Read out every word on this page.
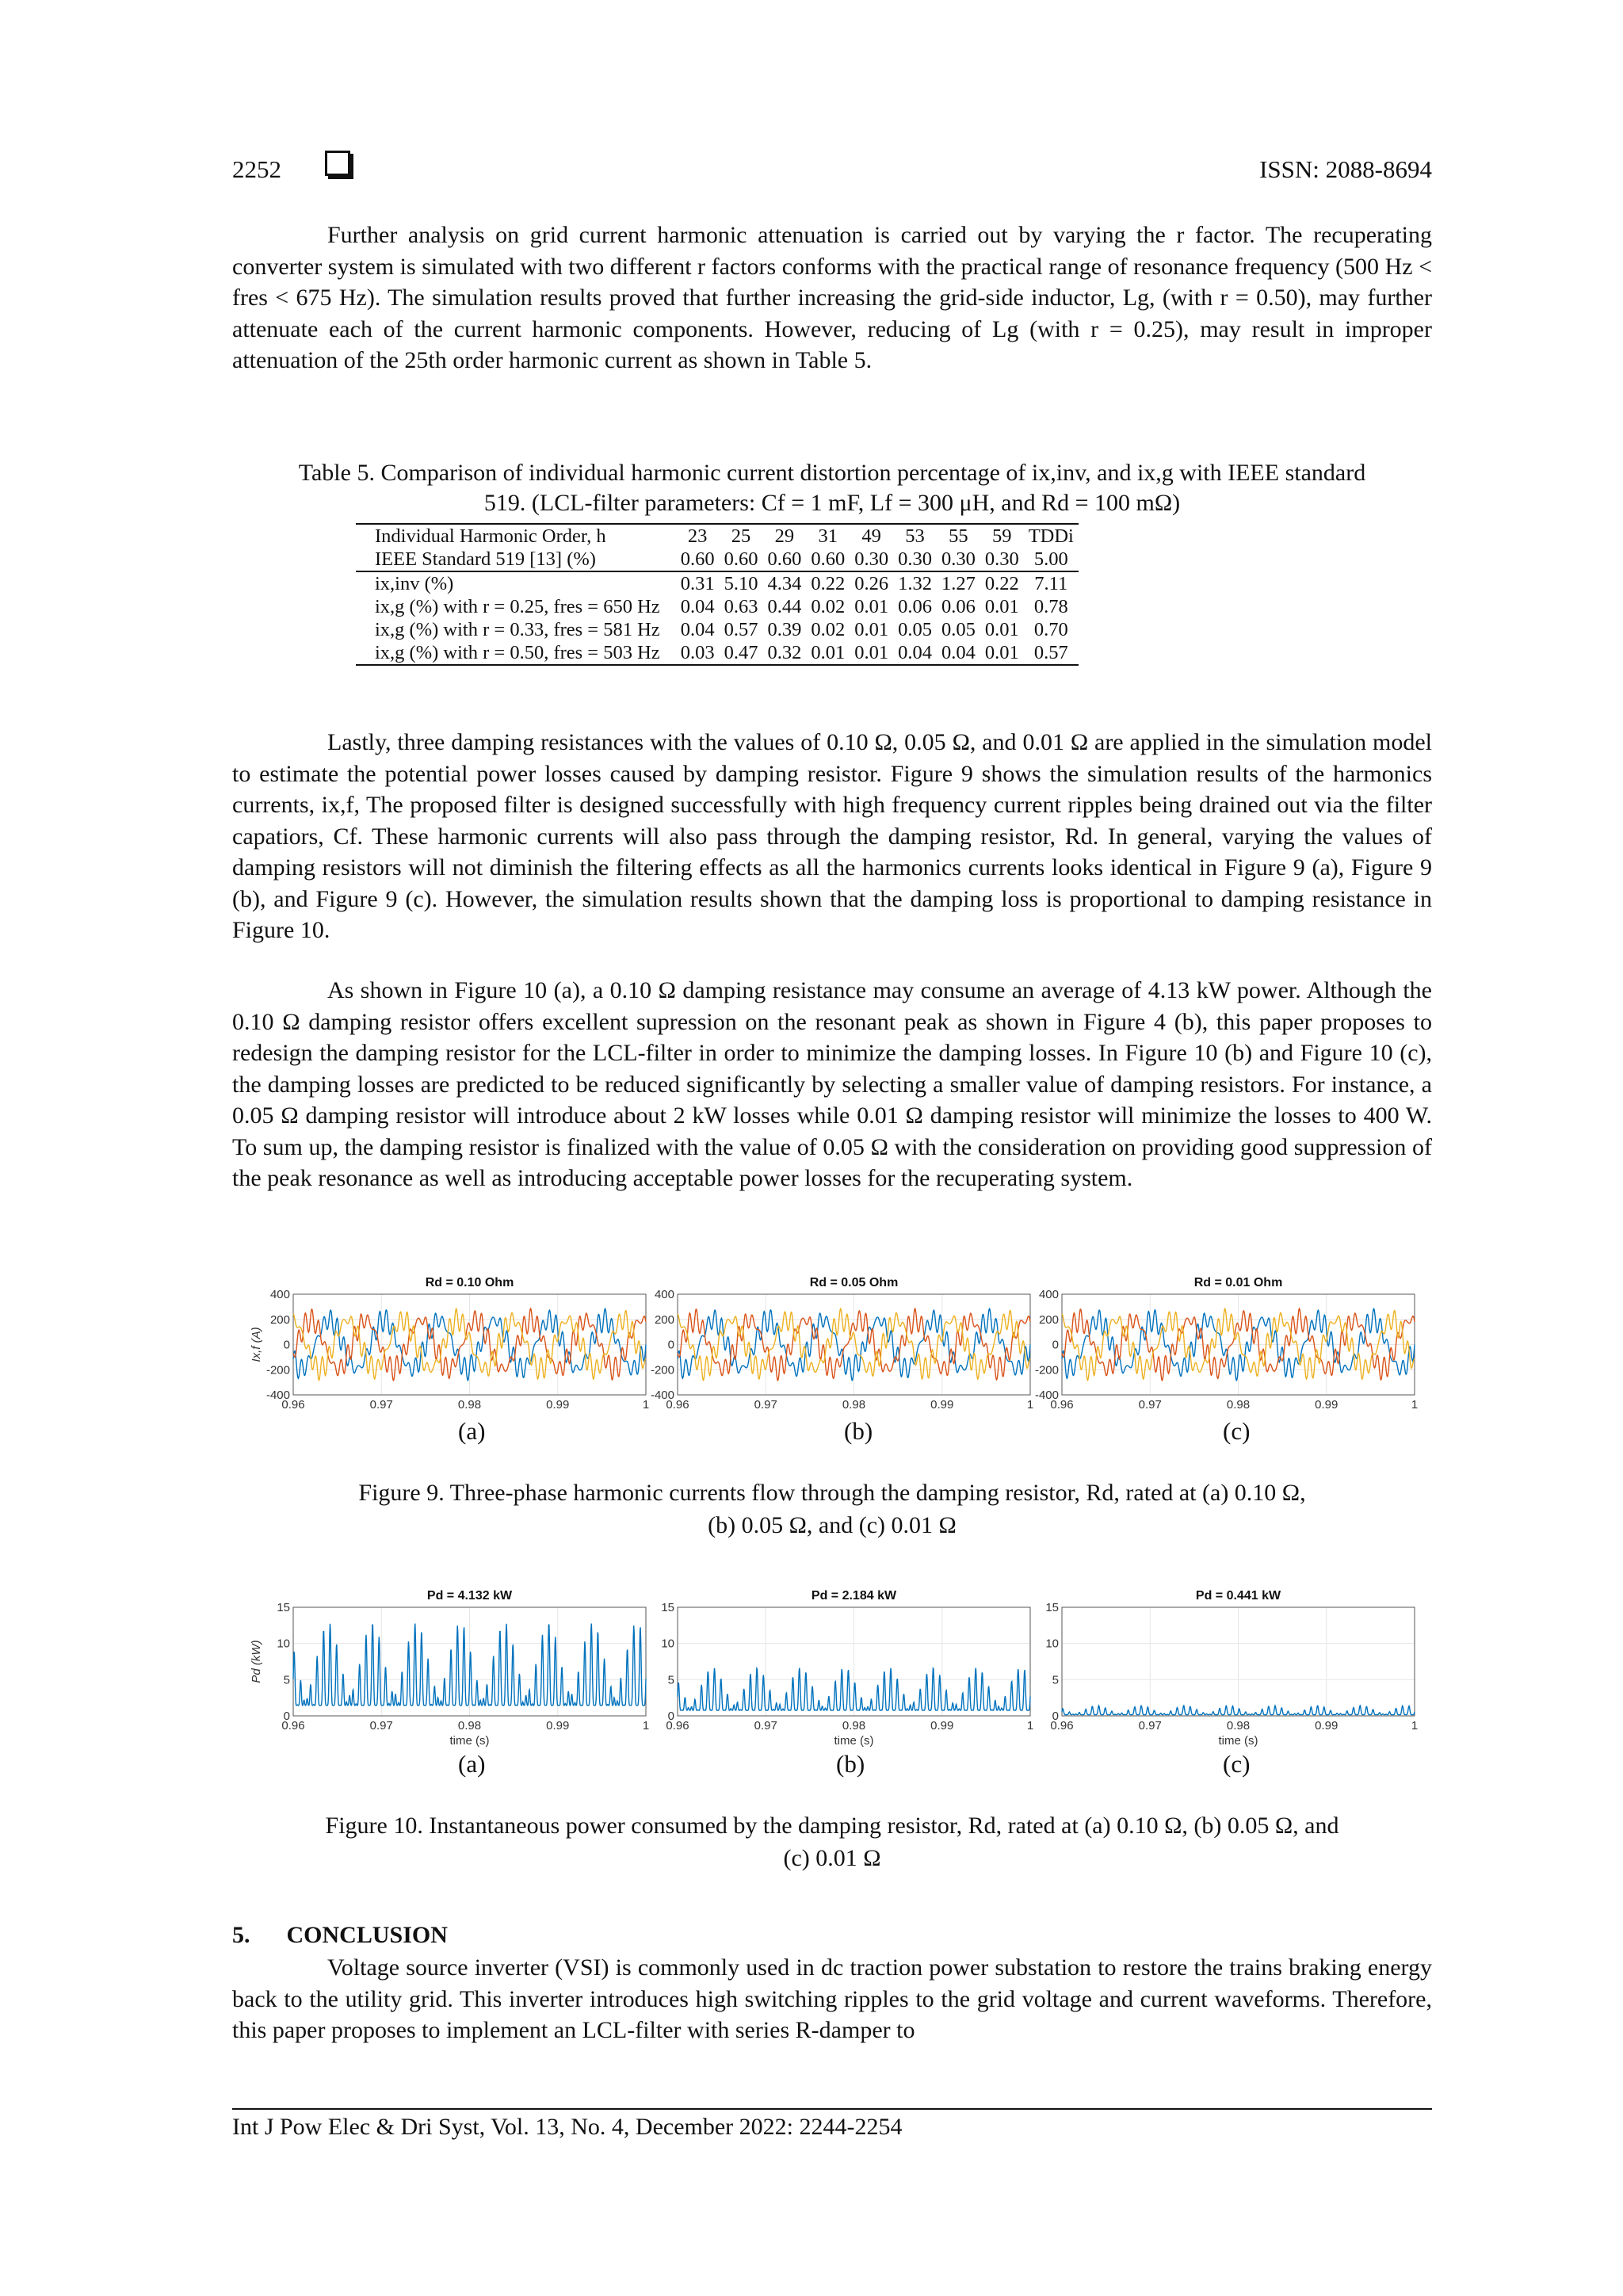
2252	ISSN: 2088-8694

Further analysis on grid current harmonic attenuation is carried out by varying the r factor. The recuperating converter system is simulated with two different r factors conforms with the practical range of resonance frequency (500 Hz < fres < 675 Hz). The simulation results proved that further increasing the grid-side inductor, Lg, (with r = 0.50), may further attenuate each of the current harmonic components. However, reducing of Lg (with r = 0.25), may result in improper attenuation of the 25th order harmonic current as shown in Table 5.

Table 5. Comparison of individual harmonic current distortion percentage of ix,inv, and ix,g with IEEE standard
519. (LCL-filter parameters: Cf = 1 mF, Lf = 300 μH, and Rd = 100 mΩ)
Individual Harmonic Order, h	23	25	29	31	49	53	55	59	TDDi
IEEE Standard 519 [13] (%)	0.60	0.60	0.60	0.60	0.30	0.30	0.30	0.30	5.00
ix,inv (%)	0.31	5.10	4.34	0.22	0.26	1.32	1.27	0.22	7.11
ix,g (%) with r = 0.25, fres = 650 Hz	0.04	0.63	0.44	0.02	0.01	0.06	0.06	0.01	0.78
ix,g (%) with r = 0.33, fres = 581 Hz	0.04	0.57	0.39	0.02	0.01	0.05	0.05	0.01	0.70
ix,g (%) with r = 0.50, fres = 503 Hz	0.03	0.47	0.32	0.01	0.01	0.04	0.04	0.01	0.57

Lastly, three damping resistances with the values of 0.10 Ω, 0.05 Ω, and 0.01 Ω are applied in the simulation model to estimate the potential power losses caused by damping resistor. Figure 9 shows the simulation results of the harmonics currents, ix,f, The proposed filter is designed successfully with high frequency current ripples being drained out via the filter capatiors, Cf. These harmonic currents will also pass through the damping resistor, Rd. In general, varying the values of damping resistors will not diminish the filtering effects as all the harmonics currents looks identical in Figure 9 (a), Figure 9 (b), and Figure 9 (c). However, the simulation results shown that the damping loss is proportional to damping resistance in Figure 10.

As shown in Figure 10 (a), a 0.10 Ω damping resistance may consume an average of 4.13 kW power. Although the 0.10 Ω damping resistor offers excellent supression on the resonant peak as shown in Figure 4 (b), this paper proposes to redesign the damping resistor for the LCL-filter in order to minimize the damping losses. In Figure 10 (b) and Figure 10 (c), the damping losses are predicted to be reduced significantly by selecting a smaller value of damping resistors. For instance, a 0.05 Ω damping resistor will introduce about 2 kW losses while 0.01 Ω damping resistor will minimize the losses to 400 W. To sum up, the damping resistor is finalized with the value of 0.05 Ω with the consideration on providing good suppression of the peak resonance as well as introducing acceptable power losses for the recuperating system.

Rd = 0.10 Ohm
400
200
0
-200
-400
0.96	0.97	0.98	0.99	1
Ix,f (A)
Rd = 0.05 Ohm
400
200
0
-200
-400
0.96	0.97	0.98	0.99	1
Rd = 0.01 Ohm
400
200
0
-200
-400
0.96	0.97	0.98	0.99	1
(a)	(b)	(c)
Figure 9. Three-phase harmonic currents flow through the damping resistor, Rd, rated at (a) 0.10 Ω,
(b) 0.05 Ω, and (c) 0.01 Ω
Pd = 4.132 kW
15
10
5
0
0.96	0.97	0.98	0.99	1
Pd (kW)
time (s)
Pd = 2.184 kW
15
10
5
0
0.96	0.97	0.98	0.99	1
time (s)
Pd = 0.441 kW
15
10
5
0
0.96	0.97	0.98	0.99	1
time (s)
(a)	(b)	(c)
Figure 10. Instantaneous power consumed by the damping resistor, Rd, rated at (a) 0.10 Ω, (b) 0.05 Ω, and
(c) 0.01 Ω
5. CONCLUSION

Voltage source inverter (VSI) is commonly used in dc traction power substation to restore the trains braking energy back to the utility grid. This inverter introduces high switching ripples to the grid voltage and current waveforms. Therefore, this paper proposes to implement an LCL-filter with series R-damper to

Int J Pow Elec & Dri Syst, Vol. 13, No. 4, December 2022: 2244-2254
